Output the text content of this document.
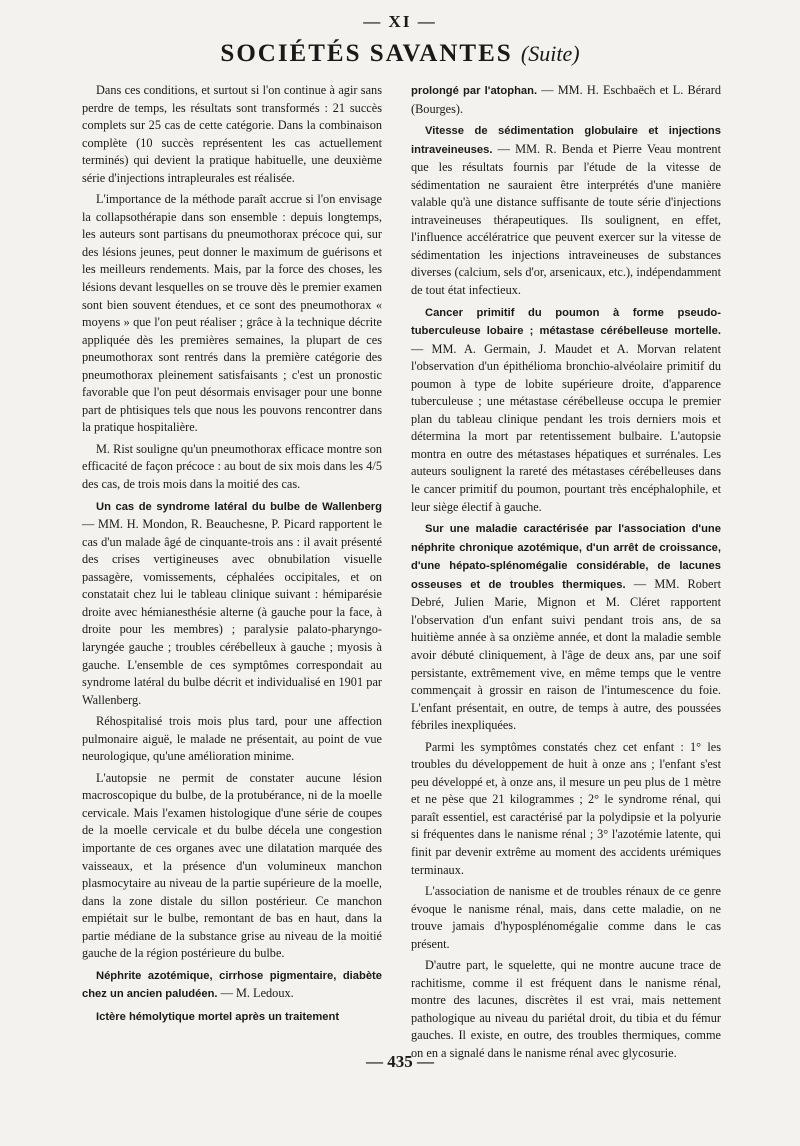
— XI —
SOCIÉTÉS SAVANTES (Suite)

Dans ces conditions, et surtout si l'on continue à agir sans perdre de temps, les résultats sont transformés : 21 succès complets sur 25 cas de cette catégorie. Dans la combinaison complète (10 succès représentent les cas actuellement terminés) qui devient la pratique habituelle, une deuxième série d'injections intrapleurales est réalisée.

L'importance de la méthode paraît accrue si l'on envisage la collapsothérapie dans son ensemble : depuis longtemps, les auteurs sont partisans du pneumothorax précoce qui, sur des lésions jeunes, peut donner le maximum de guérisons et les meilleurs rendements. Mais, par la force des choses, les lésions devant lesquelles on se trouve dès le premier examen sont bien souvent étendues, et ce sont des pneumothorax « moyens » que l'on peut réaliser ; grâce à la technique décrite appliquée dès les premières semaines, la plupart de ces pneumothorax sont rentrés dans la première catégorie des pneumothorax pleinement satisfaisants ; c'est un pronostic favorable que l'on peut désormais envisager pour une bonne part de phtisiques tels que nous les pouvons rencontrer dans la pratique hospitalière.

M. Rist souligne qu'un pneumothorax efficace montre son efficacité de façon précoce : au bout de six mois dans les 4/5 des cas, de trois mois dans la moitié des cas.

Un cas de syndrome latéral du bulbe de Wallenberg — MM. H. Mondon, R. Beauchesne, P. Picard rapportent le cas d'un malade âgé de cinquante-trois ans : il avait présenté des crises vertigineuses avec obnubilation visuelle passagère, vomissements, céphalées occipitales, et on constatait chez lui le tableau clinique suivant : hémiparésie droite avec hémianesthésie alterne (à gauche pour la face, à droite pour les membres) ; paralysie palato-pharyngo-laryngée gauche ; troubles cérébelleux à gauche ; myosis à gauche. L'ensemble de ces symptômes correspondait au syndrome latéral du bulbe décrit et individualisé en 1901 par Wallenberg.

Réhospitalisé trois mois plus tard, pour une affection pulmonaire aiguë, le malade ne présentait, au point de vue neurologique, qu'une amélioration minime.

L'autopsie ne permit de constater aucune lésion macroscopique du bulbe, de la protubérance, ni de la moelle cervicale. Mais l'examen histologique d'une série de coupes de la moelle cervicale et du bulbe décela une congestion importante de ces organes avec une dilatation marquée des vaisseaux, et la présence d'un volumineux manchon plasmocytaire au niveau de la partie supérieure de la moelle, dans la zone distale du sillon postérieur. Ce manchon empiétait sur le bulbe, remontant de bas en haut, dans la partie médiane de la substance grise au niveau de la moitié gauche de la région postérieure du bulbe.

Néphrite azotémique, cirrhose pigmentaire, diabète chez un ancien paludéen. — M. Ledoux.

Ictère hémolytique mortel après un traitement

prolongé par l'atophan. — MM. H. Eschbaëch et L. Bérard (Bourges).

Vitesse de sédimentation globulaire et injections intraveineuses. — MM. R. Benda et Pierre Veau montrent que les résultats fournis par l'étude de la vitesse de sédimentation ne sauraient être interprétés d'une manière valable qu'à une distance suffisante de toute série d'injections intraveineuses thérapeutiques. Ils soulignent, en effet, l'influence accélératrice que peuvent exercer sur la vitesse de sédimentation les injections intraveineuses de substances diverses (calcium, sels d'or, arsenicaux, etc.), indépendamment de tout état infectieux.

Cancer primitif du poumon à forme pseudo-tuberculeuse lobaire ; métastase cérébelleuse mortelle. — MM. A. Germain, J. Maudet et A. Morvan relatent l'observation d'un épithélioma bronchio-alvéolaire primitif du poumon à type de lobite supérieure droite, d'apparence tuberculeuse ; une métastase cérébelleuse occupa le premier plan du tableau clinique pendant les trois derniers mois et détermina la mort par retentissement bulbaire. L'autopsie montra en outre des métastases hépatiques et surrénales. Les auteurs soulignent la rareté des métastases cérébelleuses dans le cancer primitif du poumon, pourtant très encéphalophile, et leur siège électif à gauche.

Sur une maladie caractérisée par l'association d'une néphrite chronique azotémique, d'un arrêt de croissance, d'une hépato-splénomégalie considérable, de lacunes osseuses et de troubles thermiques. — MM. Robert Debré, Julien Marie, Mignon et M. Cléret rapportent l'observation d'un enfant suivi pendant trois ans, de sa huitième année à sa onzième année, et dont la maladie semble avoir débuté cliniquement, à l'âge de deux ans, par une soif persistante, extrêmement vive, en même temps que le ventre commençait à grossir en raison de l'intumescence du foie. L'enfant présentait, en outre, de temps à autre, des poussées fébriles inexpliquées.

Parmi les symptômes constatés chez cet enfant : 1° les troubles du développement de huit à onze ans ; l'enfant s'est peu développé et, à onze ans, il mesure un peu plus de 1 mètre et ne pèse que 21 kilogrammes ; 2° le syndrome rénal, qui paraît essentiel, est caractérisé par la polydipsie et la polyurie si fréquentes dans le nanisme rénal ; 3° l'azotémie latente, qui finit par devenir extrême au moment des accidents urémiques terminaux.

L'association de nanisme et de troubles rénaux de ce genre évoque le nanisme rénal, mais, dans cette maladie, on ne trouve jamais d'hyposplénomégalie comme dans le cas présent.

D'autre part, le squelette, qui ne montre aucune trace de rachitisme, comme il est fréquent dans le nanisme rénal, montre des lacunes, discrètes il est vrai, mais nettement pathologique au niveau du pariétal droit, du tibia et du fémur gauches. Il existe, en outre, des troubles thermiques, comme on en a signalé dans le nanisme rénal avec glycosurie.

— 435 —
